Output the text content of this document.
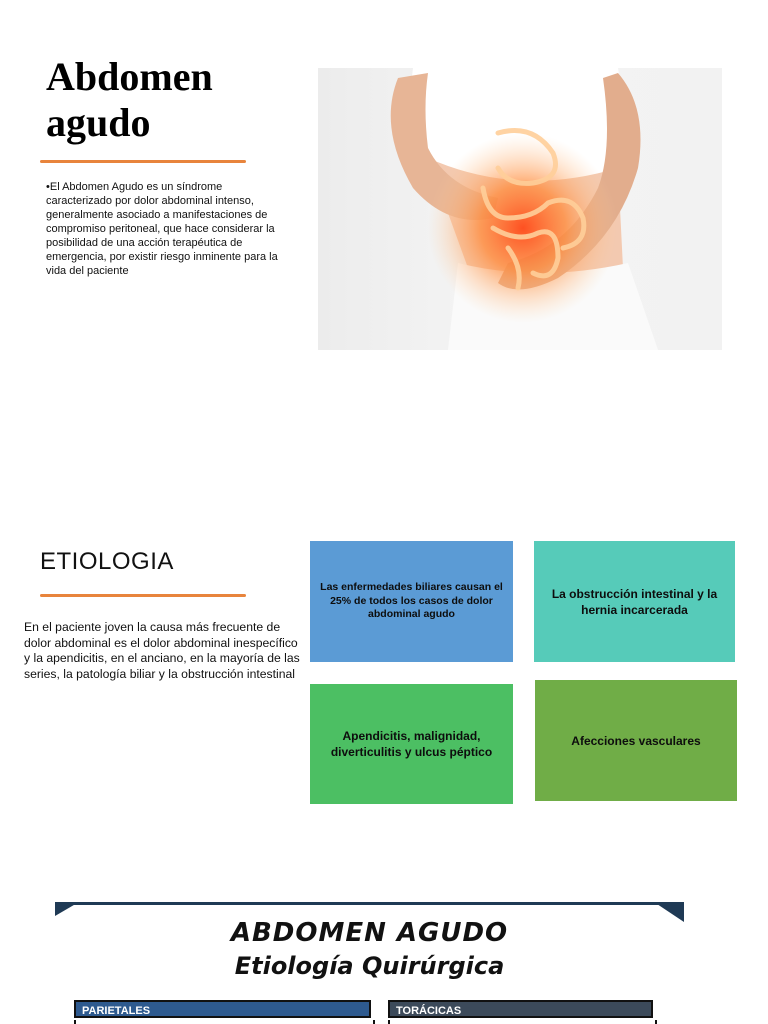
Abdomen agudo
•El Abdomen Agudo es un síndrome caracterizado por dolor abdominal intenso, generalmente asociado a manifestaciones de compromiso peritoneal, que hace considerar la posibilidad de una acción terapéutica de emergencia, por existir riesgo inminente para la vida del paciente
ETIOLOGIA
En el paciente joven la causa más frecuente de dolor abdominal es el dolor abdominal inespecífico y la apendicitis, en el anciano, en la mayoría de las series, la patología biliar y la obstrucción intestinal
Las enfermedades biliares causan el 25% de todos los casos de dolor abdominal agudo
La obstrucción intestinal y la hernia incarcerada
Apendicitis, malignidad, diverticulitis y ulcus péptico
Afecciones vasculares
ABDOMEN AGUDO
Etiología Quirúrgica
PARIETALES	TORÁCICAS
